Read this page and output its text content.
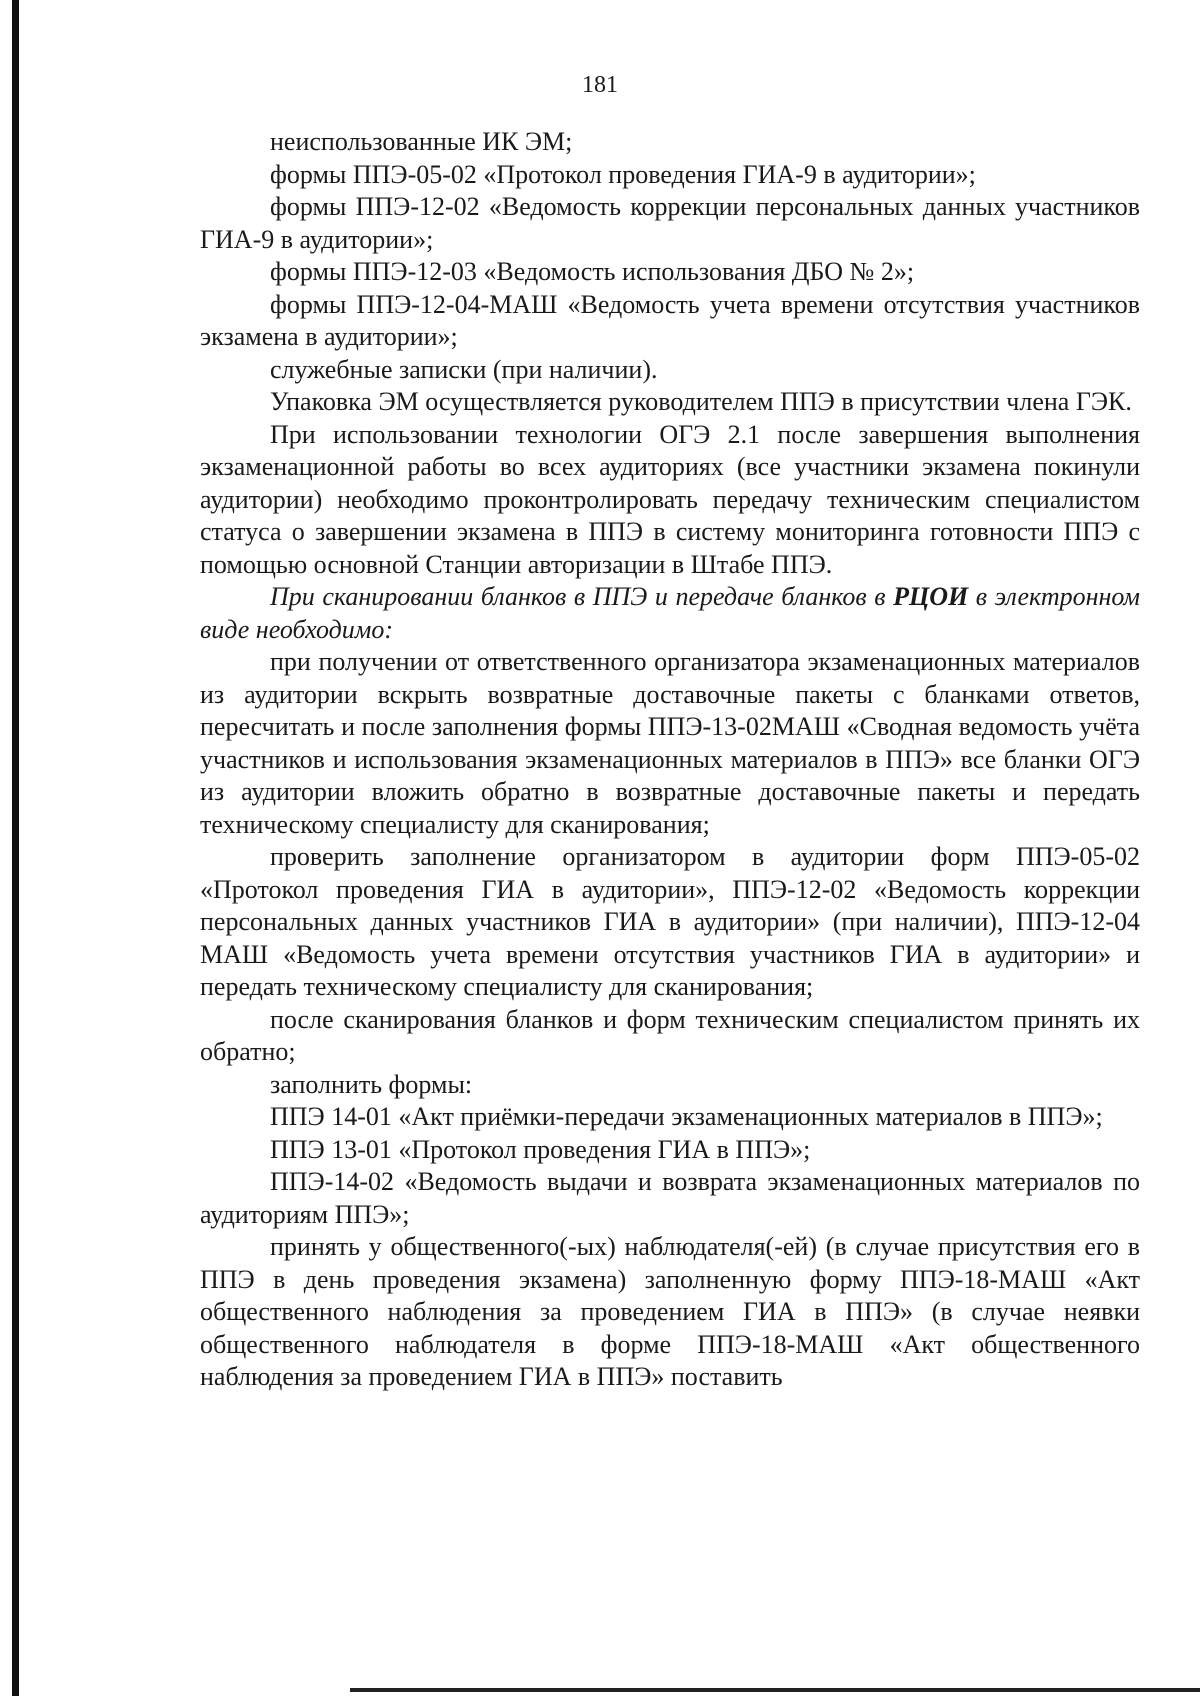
181

неиспользованные ИК ЭМ;

формы ППЭ-05-02 «Протокол проведения ГИА-9 в аудитории»;

формы ППЭ-12-02 «Ведомость коррекции персональных данных участников ГИА-9 в аудитории»;

формы ППЭ-12-03 «Ведомость использования ДБО № 2»;

формы ППЭ-12-04-МАШ «Ведомость учета времени отсутствия участников экзамена в аудитории»;

служебные записки (при наличии).

Упаковка ЭМ осуществляется руководителем ППЭ в присутствии члена ГЭК.

При использовании технологии ОГЭ 2.1 после завершения выполнения экзаменационной работы во всех аудиториях (все участники экзамена покинули аудитории) необходимо проконтролировать передачу техническим специалистом статуса о завершении экзамена в ППЭ в систему мониторинга готовности ППЭ с помощью основной Станции авторизации в Штабе ППЭ.

При сканировании бланков в ППЭ и передаче бланков в РЦОИ в электронном виде необходимо:

при получении от ответственного организатора экзаменационных материалов из аудитории вскрыть возвратные доставочные пакеты с бланками ответов, пересчитать и после заполнения формы ППЭ-13-02МАШ «Сводная ведомость учёта участников и использования экзаменационных материалов в ППЭ» все бланки ОГЭ из аудитории вложить обратно в возвратные доставочные пакеты и передать техническому специалисту для сканирования;

проверить заполнение организатором в аудитории форм ППЭ-05-02 «Протокол проведения ГИА в аудитории», ППЭ-12-02 «Ведомость коррекции персональных данных участников ГИА в аудитории» (при наличии), ППЭ-12-04 МАШ «Ведомость учета времени отсутствия участников ГИА в аудитории» и передать техническому специалисту для сканирования;

после сканирования бланков и форм техническим специалистом принять их обратно;

заполнить формы:

ППЭ 14-01 «Акт приёмки-передачи экзаменационных материалов в ППЭ»;

ППЭ 13-01 «Протокол проведения ГИА в ППЭ»;

ППЭ-14-02 «Ведомость выдачи и возврата экзаменационных материалов по аудиториям ППЭ»;

принять у общественного(-ых) наблюдателя(-ей) (в случае присутствия его в ППЭ в день проведения экзамена) заполненную форму ППЭ-18-МАШ «Акт общественного наблюдения за проведением ГИА в ППЭ» (в случае неявки общественного наблюдателя в форме ППЭ-18-МАШ «Акт общественного наблюдения за проведением ГИА в ППЭ» поставить
